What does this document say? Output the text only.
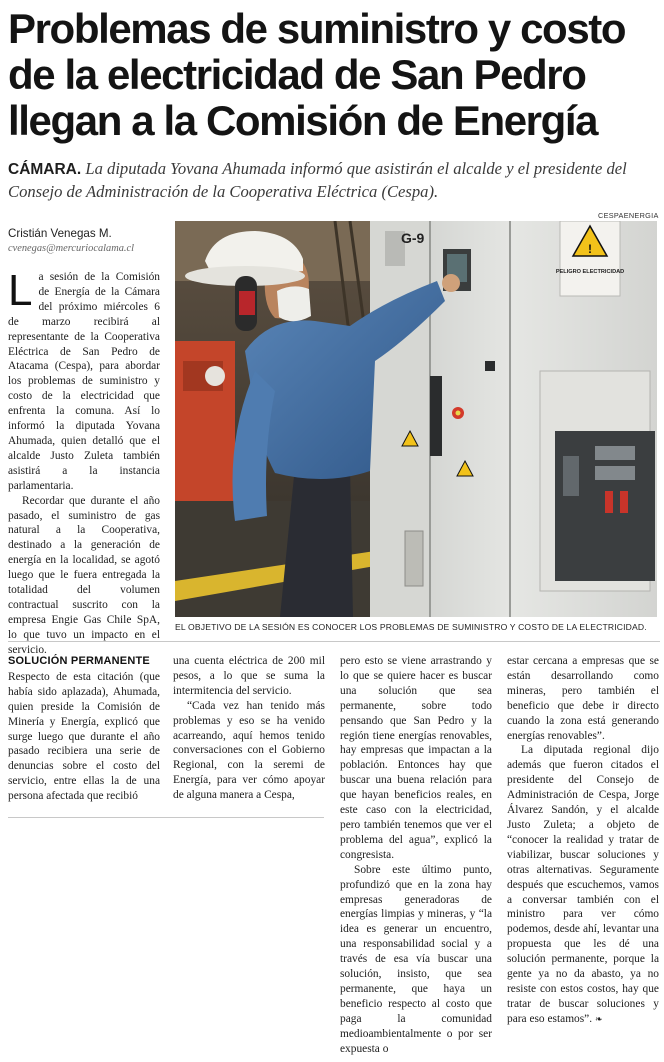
Problemas de suministro y costo de la electricidad de San Pedro llegan a la Comisión de Energía

CÁMARA. La diputada Yovana Ahumada informó que asistirán el alcalde y el presidente del Consejo de Administración de la Cooperativa Eléctrica (Cespa).

Cristián Venegas M.
cvenegas@mercuriocalama.cl

La sesión de la Comisión de Energía de la Cámara del próximo miércoles 6 de marzo recibirá al representante de la Cooperativa Eléctrica de San Pedro de Atacama (Cespa), para abordar los problemas de suministro y costo de la electricidad que enfrenta la comuna. Así lo informó la diputada Yovana Ahumada, quien detalló que el alcalde Justo Zuleta también asistirá a la instancia parlamentaria.

Recordar que durante el año pasado, el suministro de gas natural a la Cooperativa, destinado a la generación de energía en la localidad, se agotó luego que le fuera entregada la totalidad del volumen contractual suscrito con la empresa Engie Gas Chile SpA, lo que tuvo un impacto en el servicio.

CESPAENERGIA
G-9
!
PELIGRO ELECTRICIDAD
EL OBJETIVO DE LA SESIÓN ES CONOCER LOS PROBLEMAS DE SUMINISTRO Y COSTO DE LA ELECTRICIDAD.
SOLUCIÓN PERMANENTE

Respecto de esta citación (que había sido aplazada), Ahumada, quien preside la Comisión de Minería y Energía, explicó que surge luego que durante el año pasado recibiera una serie de denuncias sobre el costo del servicio, entre ellas la de una persona afectada que recibió

una cuenta eléctrica de 200 mil pesos, a lo que se suma la intermitencia del servicio.

“Cada vez han tenido más problemas y eso se ha venido acarreando, aquí hemos tenido conversaciones con el Gobierno Regional, con la seremi de Energía, para ver cómo apoyar de alguna manera a Cespa,

pero esto se viene arrastrando y lo que se quiere hacer es buscar una solución que sea permanente, sobre todo pensando que San Pedro y la región tiene energías renovables, hay empresas que impactan a la población. Entonces hay que buscar una buena relación para que hayan beneficios reales, en este caso con la electricidad, pero también tenemos que ver el problema del agua”, explicó la congresista.

Sobre este último punto, profundizó que en la zona hay empresas generadoras de energías limpias y mineras, y “la idea es generar un encuentro, una responsabilidad social y a través de esa vía buscar una solución, insisto, que sea permanente, que haya un beneficio respecto al costo que paga la comunidad medioambientalmente o por ser expuesta o

estar cercana a empresas que se están desarrollando como mineras, pero también el beneficio que debe ir directo cuando la zona está generando energías renovables”.

La diputada regional dijo además que fueron citados el presidente del Consejo de Administración de Cespa, Jorge Álvarez Sandón, y el alcalde Justo Zuleta; a objeto de “conocer la realidad y tratar de viabilizar, buscar soluciones y otras alternativas. Seguramente después que escuchemos, vamos a conversar también con el ministro para ver cómo podemos, desde ahí, levantar una propuesta que les dé una solución permanente, porque la gente ya no da abasto, ya no resiste con estos costos, hay que tratar de buscar soluciones y para eso estamos”. ❧
